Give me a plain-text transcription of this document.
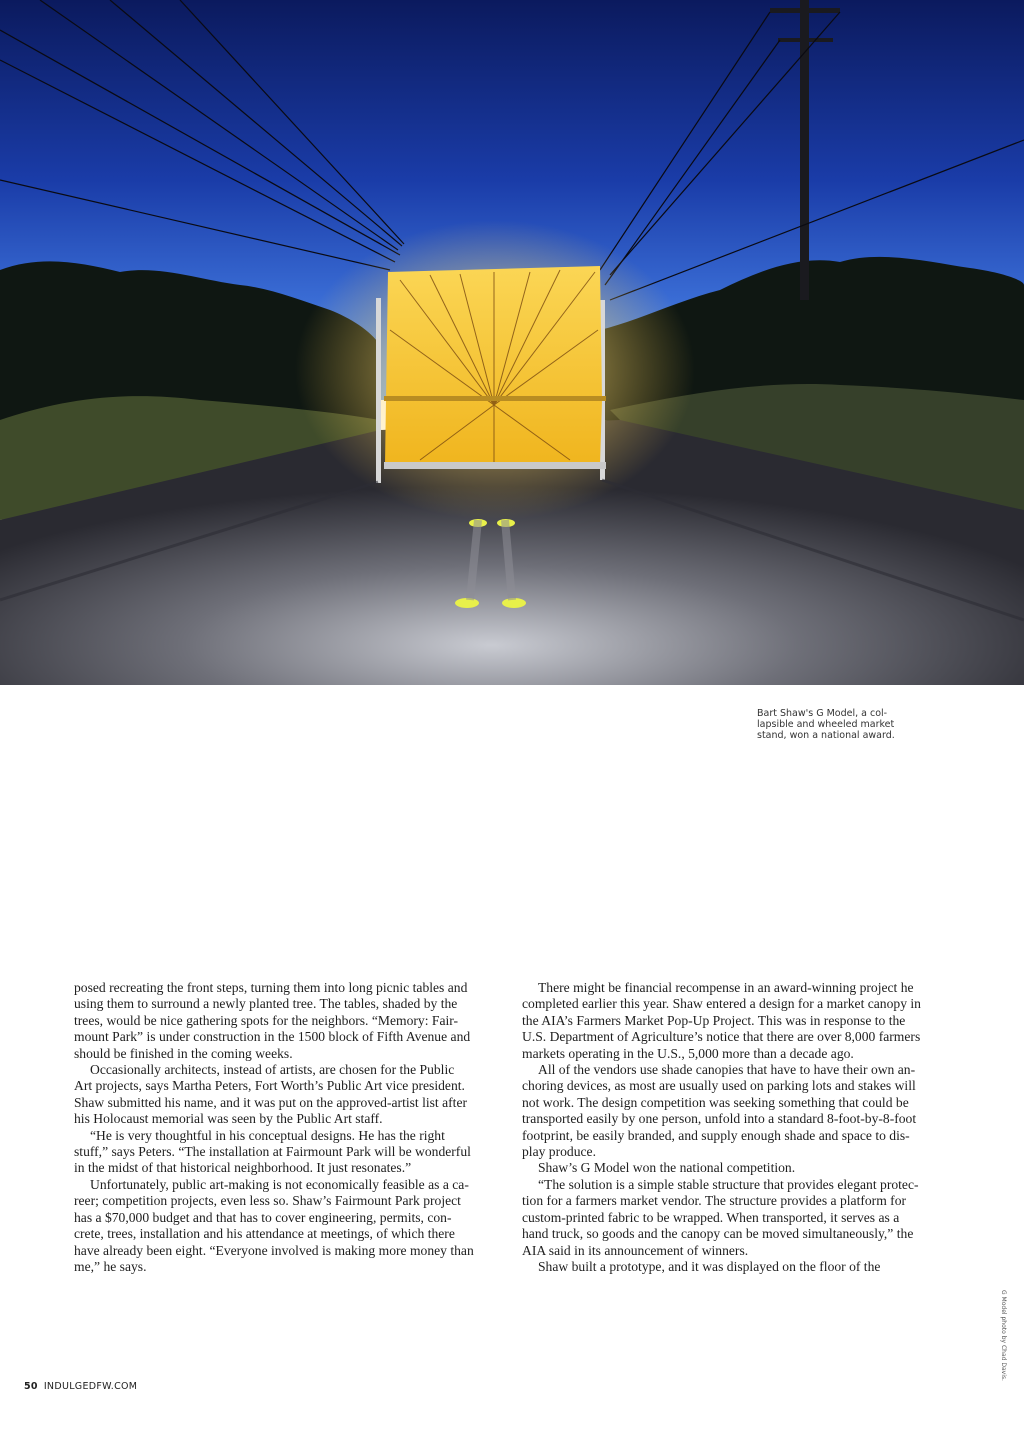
Bart Shaw's G Model, a col-
lapsible and wheeled market
stand, won a national award.
posed recreating the front steps, turning them into long picnic tables and
using them to surround a newly planted tree. The tables, shaded by the
trees, would be nice gathering spots for the neighbors. “Memory: Fair-
mount Park” is under construction in the 1500 block of Fifth Avenue and
should be finished in the coming weeks.
Occasionally architects, instead of artists, are chosen for the Public
Art projects, says Martha Peters, Fort Worth’s Public Art vice president.
Shaw submitted his name, and it was put on the approved-artist list after
his Holocaust memorial was seen by the Public Art staff.
“He is very thoughtful in his conceptual designs. He has the right
stuff,” says Peters. “The installation at Fairmount Park will be wonderful
in the midst of that historical neighborhood. It just resonates.”
Unfortunately, public art-making is not economically feasible as a ca-
reer; competition projects, even less so. Shaw’s Fairmount Park project
has a $70,000 budget and that has to cover engineering, permits, con-
crete, trees, installation and his attendance at meetings, of which there
have already been eight. “Everyone involved is making more money than
me,” he says.
There might be financial recompense in an award-winning project he
completed earlier this year. Shaw entered a design for a market canopy in
the AIA’s Farmers Market Pop-Up Project. This was in response to the
U.S. Department of Agriculture’s notice that there are over 8,000 farmers
markets operating in the U.S., 5,000 more than a decade ago.
All of the vendors use shade canopies that have to have their own an-
choring devices, as most are usually used on parking lots and stakes will
not work. The design competition was seeking something that could be
transported easily by one person, unfold into a standard 8-foot-by-8-foot
footprint, be easily branded, and supply enough shade and space to dis-
play produce.
Shaw’s G Model won the national competition.
“The solution is a simple stable structure that provides elegant protec-
tion for a farmers market vendor. The structure provides a platform for
custom-printed fabric to be wrapped. When transported, it serves as a
hand truck, so goods and the canopy can be moved simultaneously,” the
AIA said in its announcement of winners.
Shaw built a prototype, and it was displayed on the floor of the
G Model photo by Chad Davis.
50 INDULGEDFW.COM
